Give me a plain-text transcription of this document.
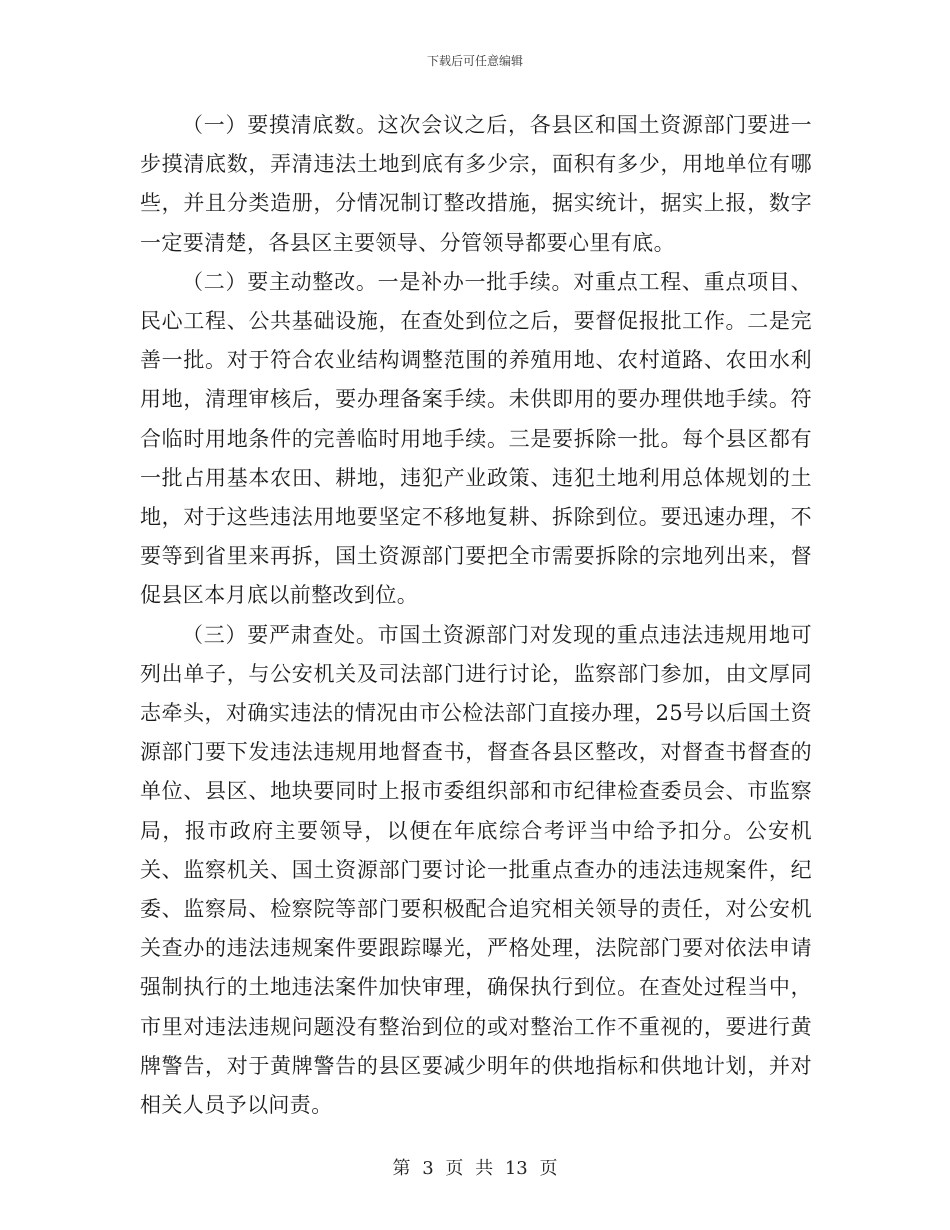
下载后可任意编辑

（一）要摸清底数。这次会议之后，各县区和国土资源部门要进一步摸清底数，弄清违法土地到底有多少宗，面积有多少，用地单位有哪些，并且分类造册，分情况制订整改措施，据实统计，据实上报，数字一定要清楚，各县区主要领导、分管领导都要心里有底。

（二）要主动整改。一是补办一批手续。对重点工程、重点项目、民心工程、公共基础设施，在查处到位之后，要督促报批工作。二是完善一批。对于符合农业结构调整范围的养殖用地、农村道路、农田水利用地，清理审核后，要办理备案手续。未供即用的要办理供地手续。符合临时用地条件的完善临时用地手续。三是要拆除一批。每个县区都有一批占用基本农田、耕地，违犯产业政策、违犯土地利用总体规划的土地，对于这些违法用地要坚定不移地复耕、拆除到位。要迅速办理，不要等到省里来再拆，国土资源部门要把全市需要拆除的宗地列出来，督促县区本月底以前整改到位。

（三）要严肃查处。市国土资源部门对发现的重点违法违规用地可列出单子，与公安机关及司法部门进行讨论，监察部门参加，由文厚同志牵头，对确实违法的情况由市公检法部门直接办理，25号以后国土资源部门要下发违法违规用地督查书，督查各县区整改，对督查书督查的单位、县区、地块要同时上报市委组织部和市纪律检查委员会、市监察局，报市政府主要领导，以便在年底综合考评当中给予扣分。公安机关、监察机关、国土资源部门要讨论一批重点查办的违法违规案件，纪委、监察局、检察院等部门要积极配合追究相关领导的责任，对公安机关查办的违法违规案件要跟踪曝光，严格处理，法院部门要对依法申请强制执行的土地违法案件加快审理，确保执行到位。在查处过程当中，市里对违法违规问题没有整治到位的或对整治工作不重视的，要进行黄牌警告，对于黄牌警告的县区要减少明年的供地指标和供地计划，并对相关人员予以问责。

第 3 页 共 13 页
